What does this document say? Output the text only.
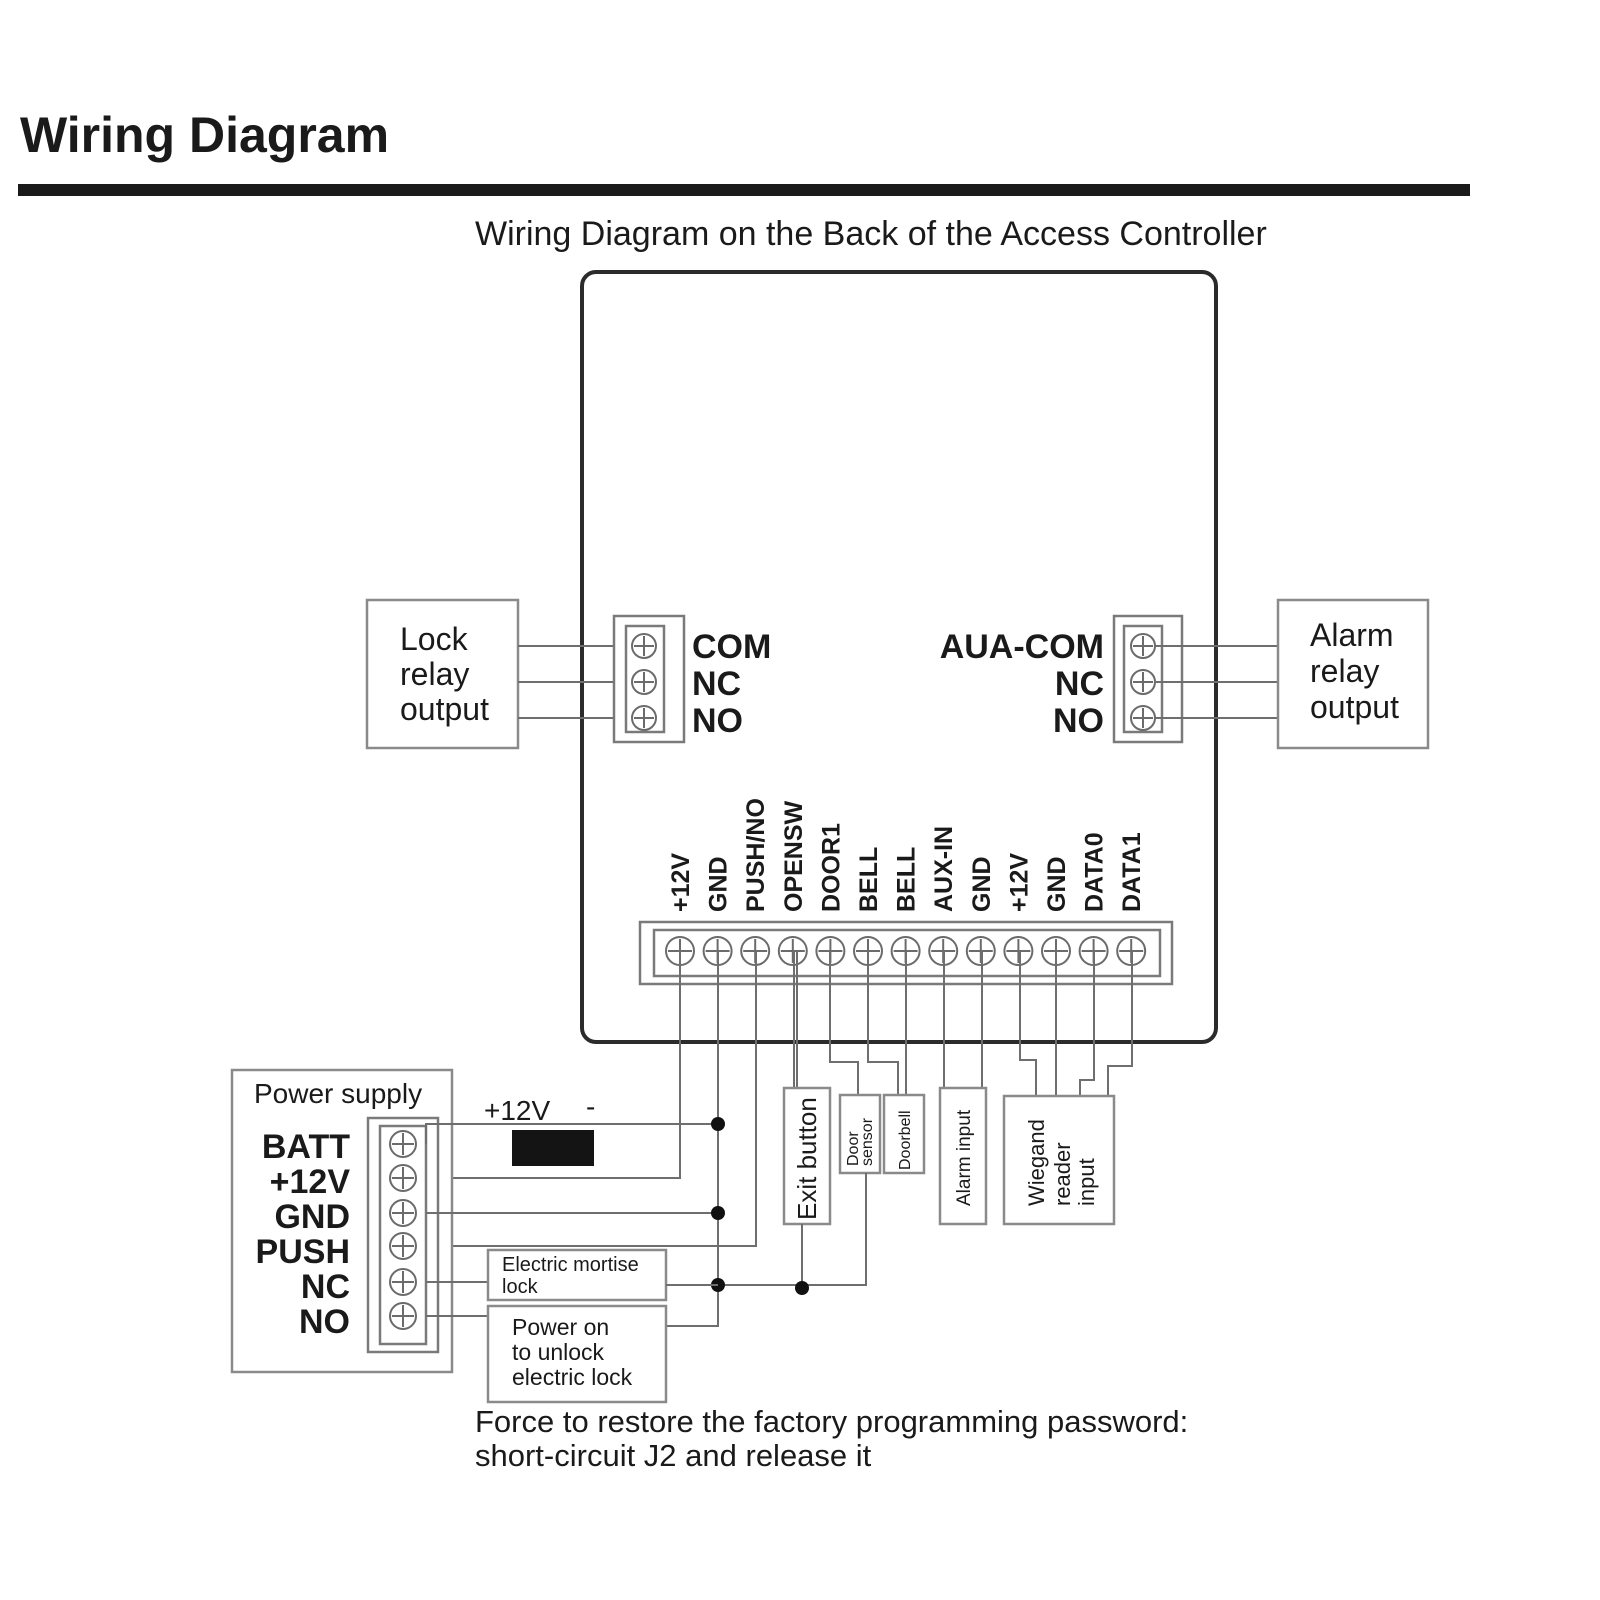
Wiring Diagram
Wiring Diagram on the Back of the Access Controller
Lock
relay
output
COM
NC
NO
AUA-COM
NC
NO
Alarm
relay
output
+12V GND PUSH/NO OPENSW DOOR1 BELL BELL AUX-IN GND +12V GND DATA0 DATA1
Exit button Door
sensor Doorbell Alarm input Wiegand reader input
Power supply
BATT
+12V
GND
PUSH
NC
NO
+12V -
Electric mortise
lock
Power on
to unlock
electric lock
Force to restore the factory programming password:
short-circuit J2 and release it
